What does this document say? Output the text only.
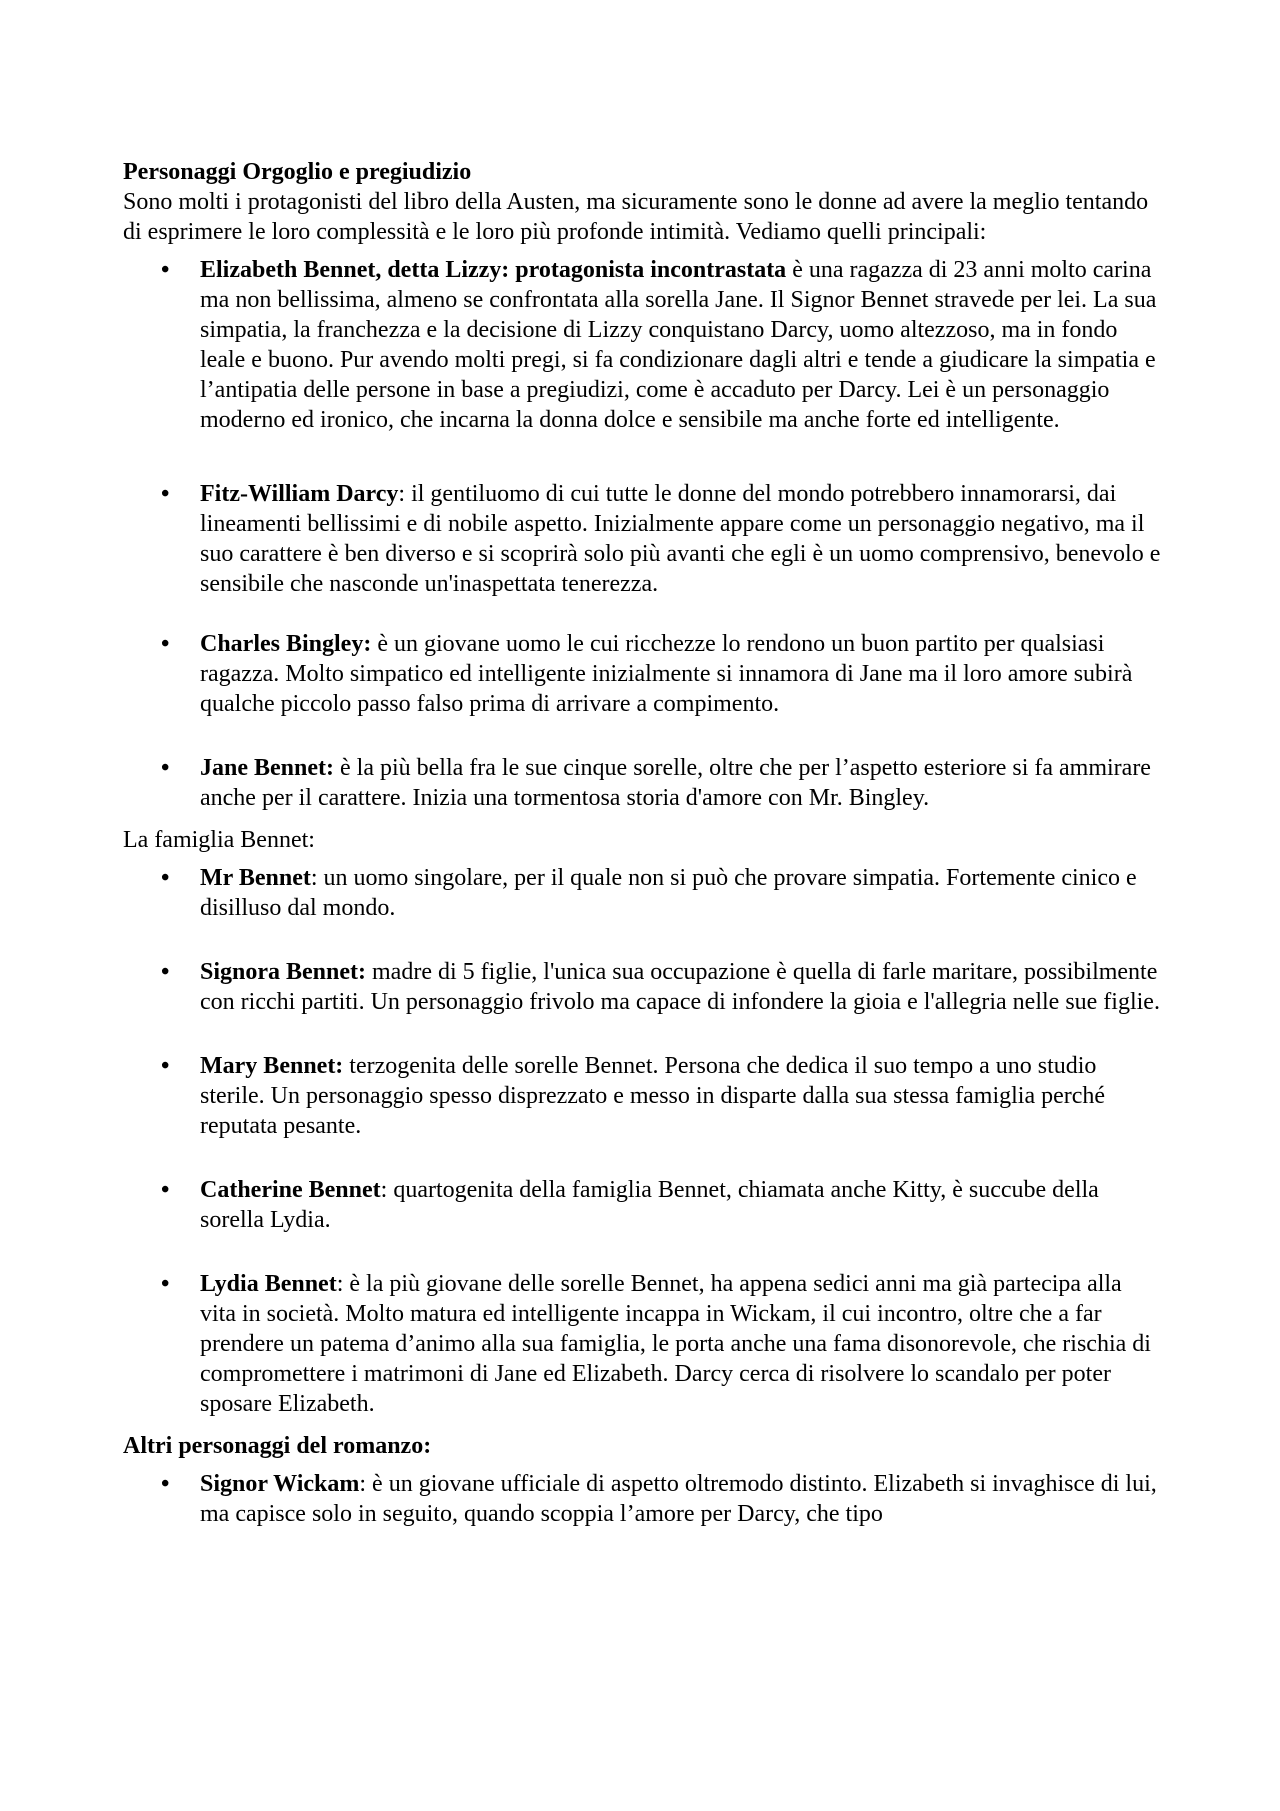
Personaggi Orgoglio e pregiudizio

Sono molti i protagonisti del libro della Austen, ma sicuramente sono le donne ad avere la meglio tentando di esprimere le loro complessità e le loro più profonde intimità. Vediamo quelli principali:

• Elizabeth Bennet, detta Lizzy: protagonista incontrastata è una ragazza di 23 anni molto carina ma non bellissima, almeno se confrontata alla sorella Jane. Il Signor Bennet stravede per lei. La sua simpatia, la franchezza e la decisione di Lizzy conquistano Darcy, uomo altezzoso, ma in fondo leale e buono. Pur avendo molti pregi, si fa condizionare dagli altri e tende a giudicare la simpatia e l’antipatia delle persone in base a pregiudizi, come è accaduto per Darcy. Lei è un personaggio moderno ed ironico, che incarna la donna dolce e sensibile ma anche forte ed intelligente.
• Fitz-William Darcy: il gentiluomo di cui tutte le donne del mondo potrebbero innamorarsi, dai lineamenti bellissimi e di nobile aspetto. Inizialmente appare come un personaggio negativo, ma il suo carattere è ben diverso e si scoprirà solo più avanti che egli è un uomo comprensivo, benevolo e sensibile che nasconde un'inaspettata tenerezza.
• Charles Bingley: è un giovane uomo le cui ricchezze lo rendono un buon partito per qualsiasi ragazza. Molto simpatico ed intelligente inizialmente si innamora di Jane ma il loro amore subirà qualche piccolo passo falso prima di arrivare a compimento.
• Jane Bennet: è la più bella fra le sue cinque sorelle, oltre che per l’aspetto esteriore si fa ammirare anche per il carattere. Inizia una tormentosa storia d'amore con Mr. Bingley.

La famiglia Bennet:

• Mr Bennet: un uomo singolare, per il quale non si può che provare simpatia. Fortemente cinico e disilluso dal mondo.
• Signora Bennet: madre di 5 figlie, l'unica sua occupazione è quella di farle maritare, possibilmente con ricchi partiti. Un personaggio frivolo ma capace di infondere la gioia e l'allegria nelle sue figlie.
• Mary Bennet: terzogenita delle sorelle Bennet. Persona che dedica il suo tempo a uno studio sterile. Un personaggio spesso disprezzato e messo in disparte dalla sua stessa famiglia perché reputata pesante.
• Catherine Bennet: quartogenita della famiglia Bennet, chiamata anche Kitty, è succube della sorella Lydia.
• Lydia Bennet: è la più giovane delle sorelle Bennet, ha appena sedici anni ma già partecipa alla vita in società. Molto matura ed intelligente incappa in Wickam, il cui incontro, oltre che a far prendere un patema d’animo alla sua famiglia, le porta anche una fama disonorevole, che rischia di compromettere i matrimoni di Jane ed Elizabeth. Darcy cerca di risolvere lo scandalo per poter sposare Elizabeth.

Altri personaggi del romanzo:

• Signor Wickam: è un giovane ufficiale di aspetto oltremodo distinto. Elizabeth si invaghisce di lui, ma capisce solo in seguito, quando scoppia l’amore per Darcy, che tipo
